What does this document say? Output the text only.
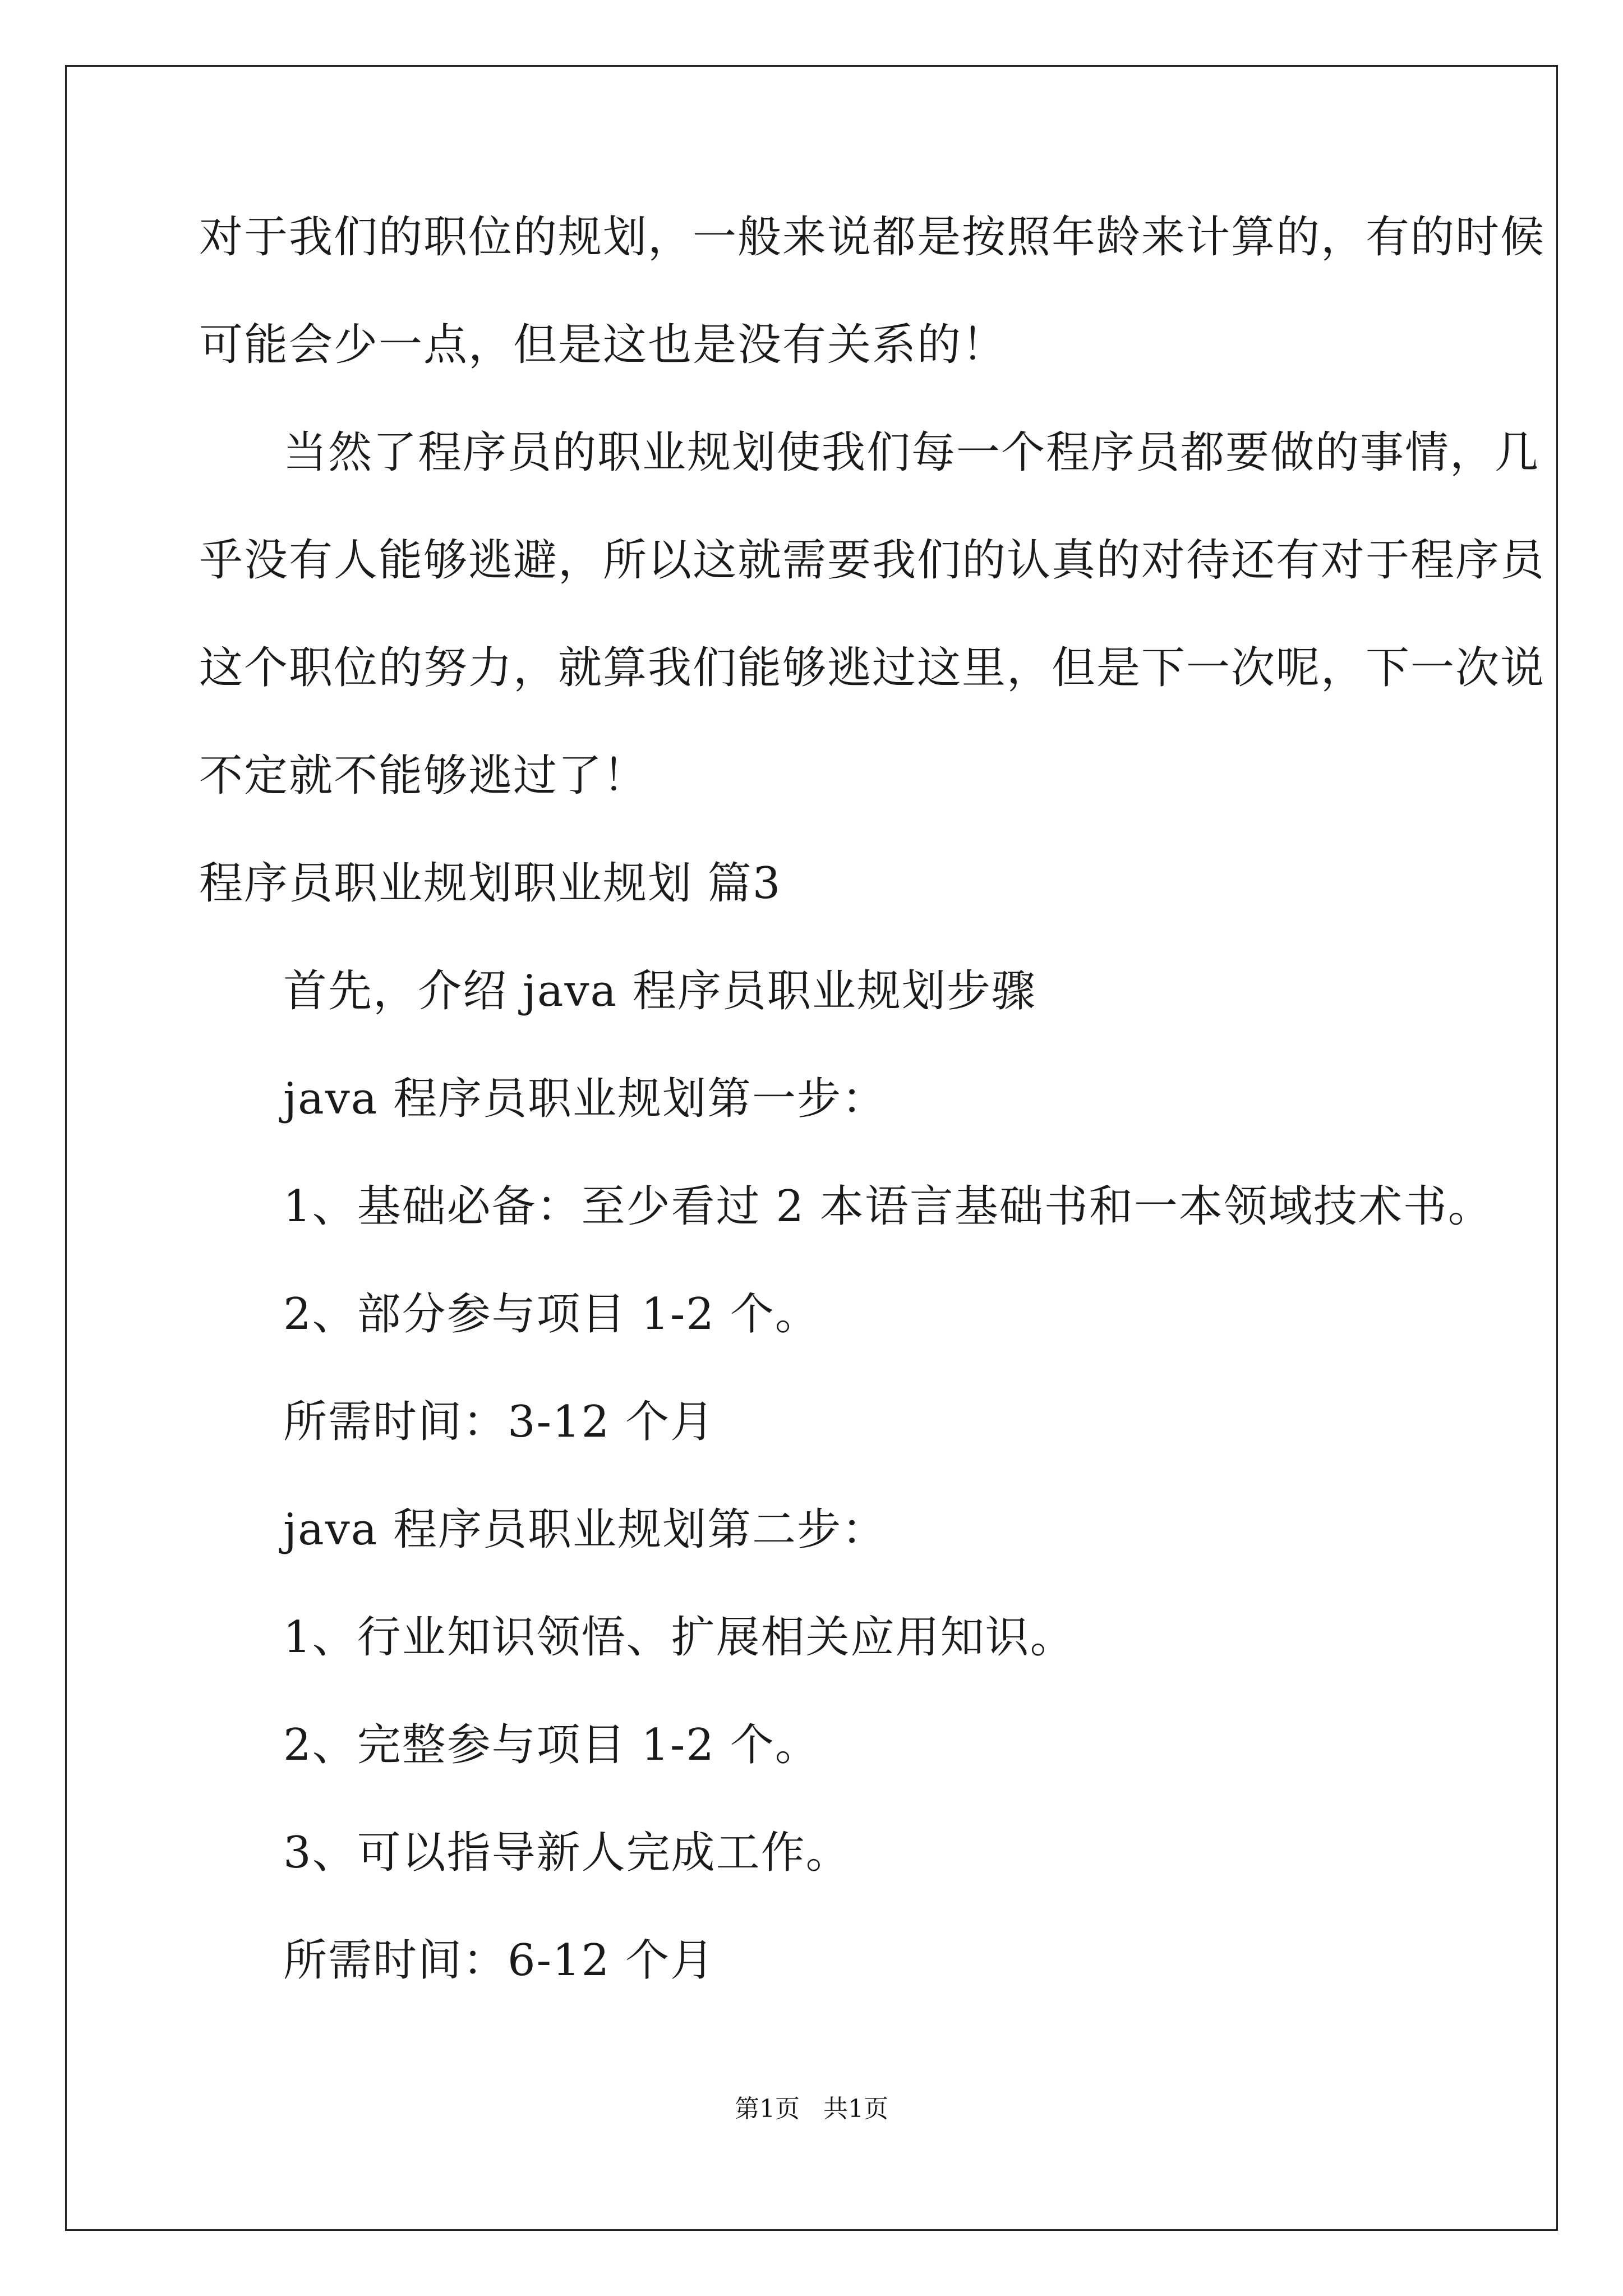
对于我们的职位的规划，一般来说都是按照年龄来计算的，有的时候
可能会少一点，但是这也是没有关系的！
当然了程序员的职业规划使我们每一个程序员都要做的事情，几
乎没有人能够逃避，所以这就需要我们的认真的对待还有对于程序员
这个职位的努力，就算我们能够逃过这里，但是下一次呢，下一次说
不定就不能够逃过了！
程序员职业规划职业规划 篇3
首先，介绍 java 程序员职业规划步骤
java 程序员职业规划第一步：
1、基础必备：至少看过 2 本语言基础书和一本领域技术书。
2、部分参与项目 1-2 个。
所需时间：3-12 个月
java 程序员职业规划第二步：
1、行业知识领悟、扩展相关应用知识。
2、完整参与项目 1-2 个。
3、可以指导新人完成工作。
所需时间：6-12 个月
第1页 共1页
